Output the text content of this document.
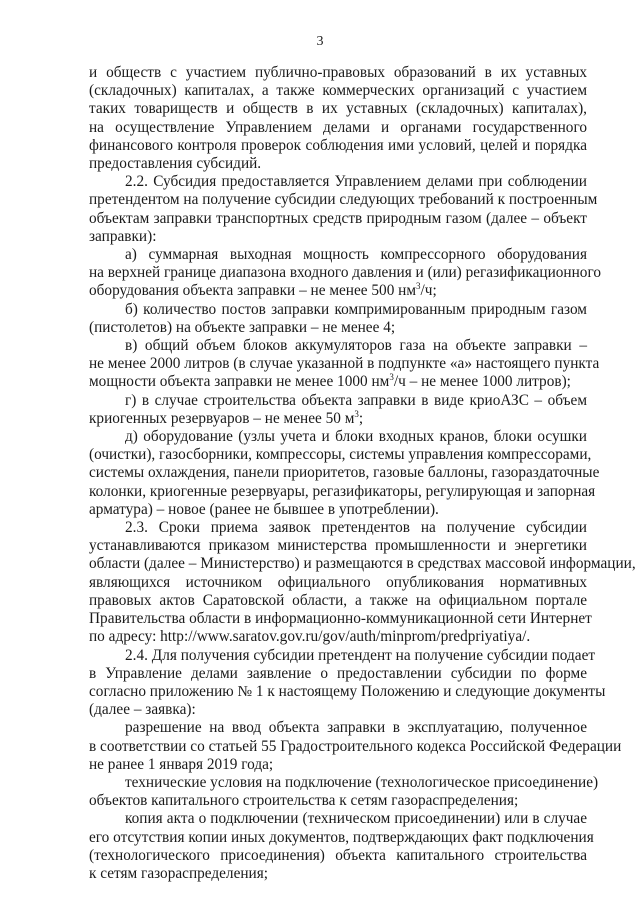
3
и обществ с участием публично-правовых образований в их уставных
(складочных) капиталах, а также коммерческих организаций с участием
таких товариществ и обществ в их уставных (складочных) капиталах),
на осуществление Управлением делами и органами государственного
финансового контроля проверок соблюдения ими условий, целей и порядка
предоставления субсидий.
2.2. Субсидия предоставляется Управлением делами при соблюдении
претендентом на получение субсидии следующих требований к построенным
объектам заправки транспортных средств природным газом (далее – объект
заправки):
а) суммарная выходная мощность компрессорного оборудования
на верхней границе диапазона входного давления и (или) регазификационного
оборудования объекта заправки – не менее 500 $нм^3/ч$;
б) количество постов заправки компримированным природным газом
(пистолетов) на объекте заправки – не менее 4;
в) общий объем блоков аккумуляторов газа на объекте заправки –
не менее 2000 литров (в случае указанной в подпункте «а» настоящего пункта
мощности объекта заправки не менее 1000 $нм^3/ч$ – не менее 1000 литров);
г) в случае строительства объекта заправки в виде криоАЗС – объем
криогенных резервуаров – не менее 50 $м^3$;
д) оборудование (узлы учета и блоки входных кранов, блоки осушки
(очистки), газосборники, компрессоры, системы управления компрессорами,
системы охлаждения, панели приоритетов, газовые баллоны, газораздаточные
колонки, криогенные резервуары, регазификаторы, регулирующая и запорная
арматура) – новое (ранее не бывшее в употреблении).
2.3. Сроки приема заявок претендентов на получение субсидии
устанавливаются приказом министерства промышленности и энергетики
области (далее – Министерство) и размещаются в средствах массовой информации,
являющихся источником официального опубликования нормативных
правовых актов Саратовской области, а также на официальном портале
Правительства области в информационно-коммуникационной сети Интернет
по адресу: http://www.saratov.gov.ru/gov/auth/minprom/predpriyatiya/.
2.4. Для получения субсидии претендент на получение субсидии подает
в Управление делами заявление о предоставлении субсидии по форме
согласно приложению № 1 к настоящему Положению и следующие документы
(далее – заявка):
разрешение на ввод объекта заправки в эксплуатацию, полученное
в соответствии со статьей 55 Градостроительного кодекса Российской Федерации
не ранее 1 января 2019 года;
технические условия на подключение (технологическое присоединение)
объектов капитального строительства к сетям газораспределения;
копия акта о подключении (техническом присоединении) или в случае
его отсутствия копии иных документов, подтверждающих факт подключения
(технологического присоединения) объекта капитального строительства
к сетям газораспределения;
